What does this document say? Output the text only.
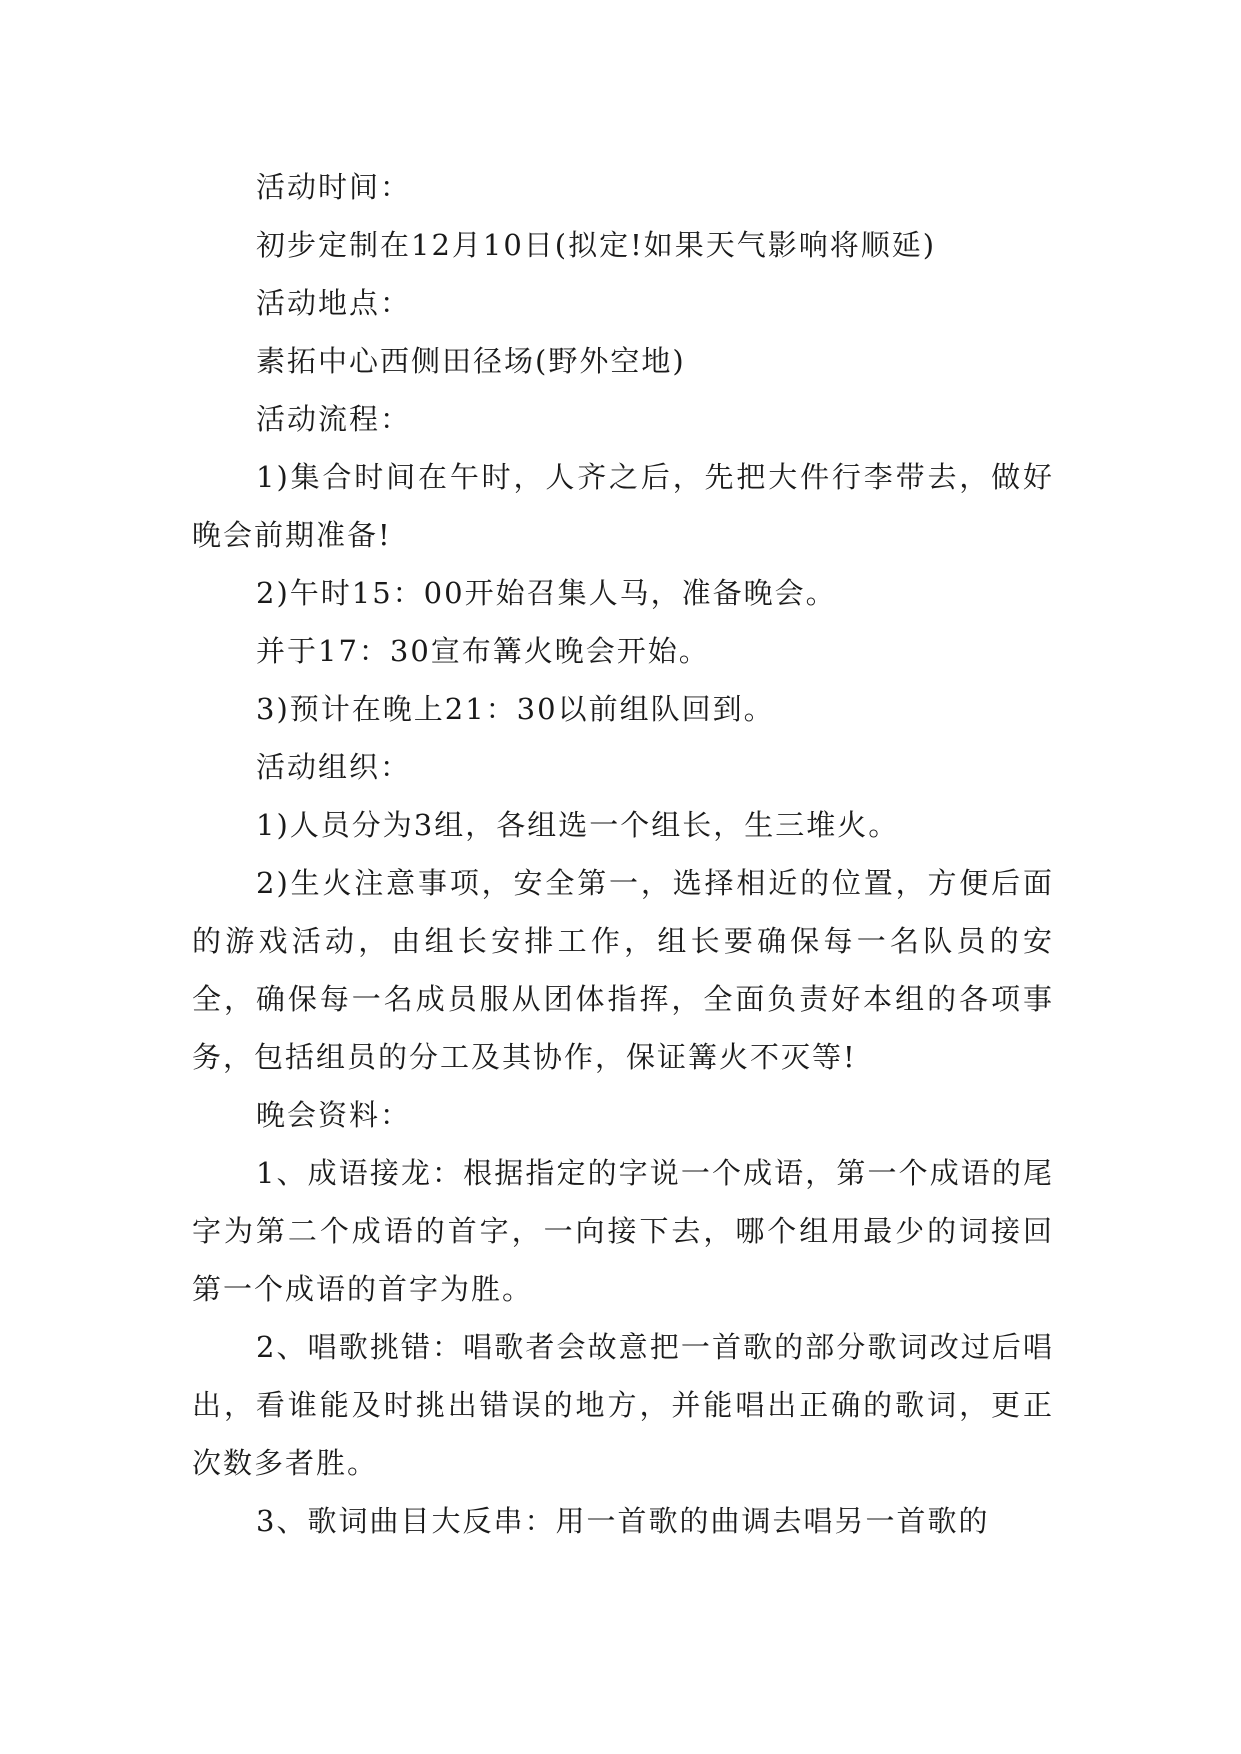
活动时间：

初步定制在12月10日(拟定!如果天气影响将顺延)

活动地点：

素拓中心西侧田径场(野外空地)

活动流程：

1)集合时间在午时，人齐之后，先把大件行李带去，做好晚会前期准备!

2)午时15：00开始召集人马，准备晚会。

并于17：30宣布篝火晚会开始。

3)预计在晚上21：30以前组队回到。

活动组织：

1)人员分为3组，各组选一个组长，生三堆火。

2)生火注意事项，安全第一，选择相近的位置，方便后面的游戏活动，由组长安排工作，组长要确保每一名队员的安全，确保每一名成员服从团体指挥，全面负责好本组的各项事务，包括组员的分工及其协作，保证篝火不灭等!

晚会资料：

1、成语接龙：根据指定的字说一个成语，第一个成语的尾字为第二个成语的首字，一向接下去，哪个组用最少的词接回第一个成语的首字为胜。

2、唱歌挑错：唱歌者会故意把一首歌的部分歌词改过后唱出，看谁能及时挑出错误的地方，并能唱出正确的歌词，更正次数多者胜。

3、歌词曲目大反串：用一首歌的曲调去唱另一首歌的
